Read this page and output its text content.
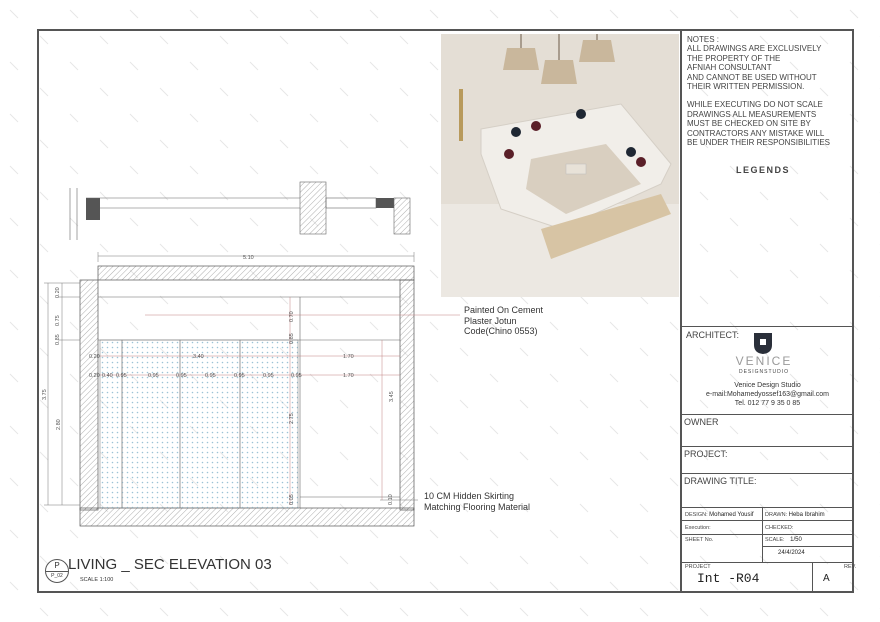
5.10
0.20
0.75
0.85
3.75
2.80
3.40	1.70
1.70
0.20
0.20 0.40 0.95	0.95	0.95	0.95	0.95	0.95	0.95
0.70
0.85
2.75
3.45
0.05	0.10
Painted On Cement
Plaster Jotun
Code(Chino 0553)
10 CM Hidden Skirting
Matching Flooring Material
P
P_02
LIVING _ SEC ELEVATION 03
SCALE 1:100
NOTES :
ALL DRAWINGS ARE EXCLUSIVELY
THE PROPERTY OF THE
AFNIAH CONSULTANT
AND CANNOT BE USED WITHOUT
THEIR WRITTEN PERMISSION.
WHILE EXECUTING DO NOT SCALE
DRAWINGS ALL MEASUREMENTS
MUST BE CHECKED ON SITE BY
CONTRACTORS ANY MISTAKE WILL
BE UNDER THEIR RESPONSIBILITIES
LEGENDS
ARCHITECT:
VENICE
DESIGNSTUDIO
Venice Design Studio
e-mail:Mohamedyossef163@gmail.com
Tel. 012 77 9 35 0 85
OWNER
PROJECT:
DRAWING TITLE:
DESIGN: Mohamed Yousif DRAWN: Heba Ibrahim
Execution:	CHECKED:
SHEET No.	SCALE: 1/50
24/4/2024
PROJECT
Int -R04
REV.
A
